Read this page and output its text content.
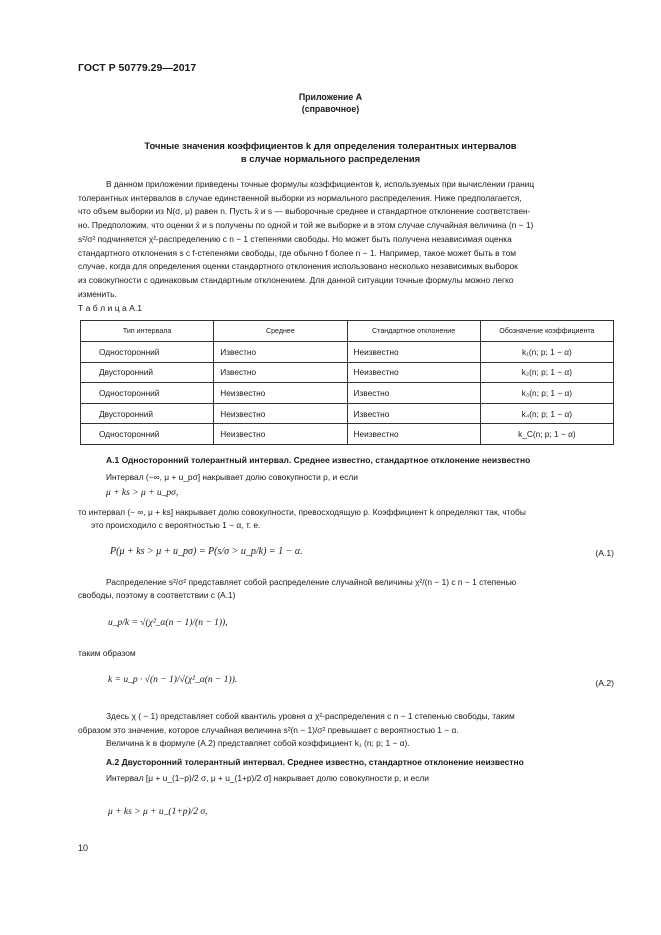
ГОСТ Р 50779.29—2017
Приложение А
(справочное)
Точные значения коэффициентов k для определения толерантных интервалов
в случае нормального распределения
В данном приложении приведены точные формулы коэффициентов k, используемых при вычислении границ
толерантных интервалов в случае единственной выборки из нормального распределения. Ниже предполагается,
что объем выборки из N(σ, μ) равен n. Пусть x̄ и s — выборочные среднее и стандартное отклонение соответствен-
но. Предположим, что оценки x̄ и s получены по одной и той же выборке и в этом случае случайная величина (n − 1)
s²/σ² подчиняется χ²-распределению с n − 1 степенями свободы. Но может быть получена независимая оценка
стандартного отклонения s с f-степенями свободы, где обычно f более n − 1. Например, такое может быть в том
случае, когда для определения оценки стандартного отклонения использовано несколько независимых выборок
из совокупности с одинаковым стандартным отклонением. Для данной ситуации точные формулы можно легко
изменить.
Т а б л и ц а А.1
Тип интервала	Среднее	Стандартное отклонение	Обозначение коэффициента
Односторонний	Известно	Неизвестно	k₁(n; p; 1 − α)
Двусторонний	Известно	Неизвестно	k₂(n; p; 1 − α)
Односторонний	Неизвестно	Известно	k₃(n; p; 1 − α)
Двусторонний	Неизвестно	Известно	k₄(n; p; 1 − α)
Односторонний	Неизвестно	Неизвестно	k_C(n; p; 1 − α)
А.1 Односторонний толерантный интервал. Среднее известно, стандартное отклонение неизвестно
Интервал (−∞, μ + u_pσ] накрывает долю совокупности p, и если
μ + ks > μ + u_pσ,
то интервал (− ∞, μ + ks] накрывает долю совокупности, превосходящую p. Коэффициент k определяют так, чтобы
это происходило с вероятностью 1 − α, т. е.
P(μ + ks > μ + u_pσ) = P(s/σ > u_p/k) = 1 − α.	(А.1)
Распределение s²/σ² представляет собой распределение случайной величины χ²/(n − 1) с n − 1 степенью
свободы, поэтому в соответствии с (А.1)
u_p/k = √(χ²_α(n − 1)/(n − 1)),
таким образом
k = u_p · √(n − 1)/√(χ²_α(n − 1)).	(А.2)
Здесь χ ( − 1) представляет собой квантиль уровня α χ²-распределения с n − 1 степенью свободы, таким
образом это значение, которое случайная величина s²(n − 1)/σ² превышает с вероятностью 1 − α.
Величина k в формуле (А.2) представляет собой коэффициент k₁ (n; p; 1 − α).
А.2 Двусторонний толерантный интервал. Среднее известно, стандартное отклонение неизвестно
Интервал [μ + u_(1−p)/2 σ, μ + u_(1+p)/2 σ] накрывает долю совокупности p, и если
μ + ks > μ + u_(1+p)/2 σ,
10
